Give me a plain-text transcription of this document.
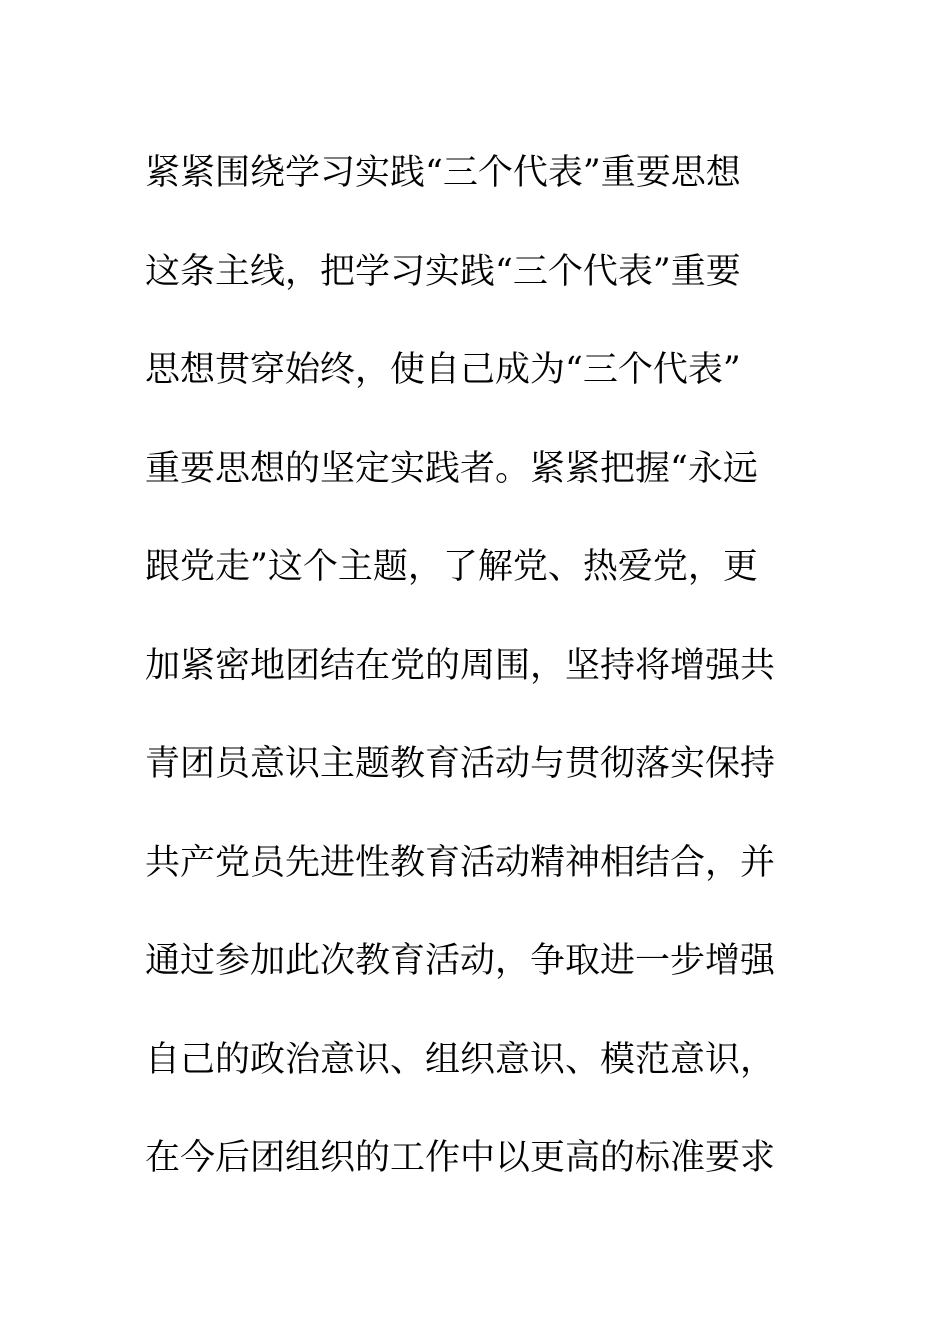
紧紧围绕学习实践“三个代表”重要思想
这条主线，把学习实践“三个代表”重要
思想贯穿始终，使自己成为“三个代表”
重要思想的坚定实践者。紧紧把握“永远
跟党走”这个主题，了解党、热爱党，更
加紧密地团结在党的周围，坚持将增强共
青团员意识主题教育活动与贯彻落实保持
共产党员先进性教育活动精神相结合，并
通过参加此次教育活动，争取进一步增强
自己的政治意识、组织意识、模范意识，
在今后团组织的工作中以更高的标准要求
